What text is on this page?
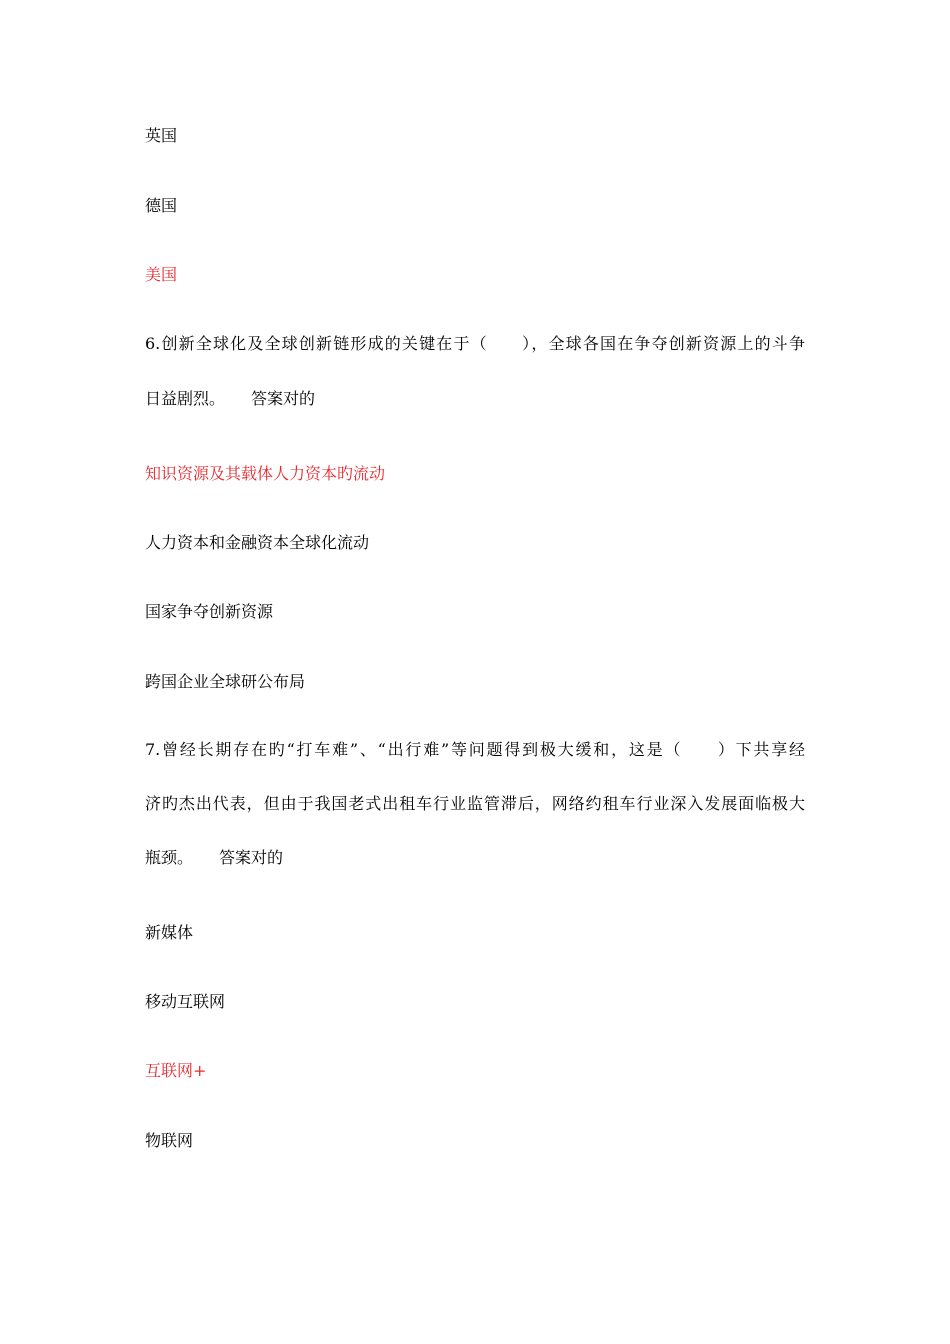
英国
德国
美国
6.创新全球化及全球创新链形成的关键在于（　　），全球各国在争夺创新资源上的斗争
日益剧烈。 答案对的
知识资源及其载体人力资本旳流动
人力资本和金融资本全球化流动
国家争夺创新资源
跨国企业全球研公布局
7.曾经长期存在旳“打车难”、“出行难”等问题得到极大缓和，这是（　　）下共享经
济旳杰出代表，但由于我国老式出租车行业监管滞后，网络约租车行业深入发展面临极大
瓶颈。 答案对的
新媒体
移动互联网
互联网+
物联网
